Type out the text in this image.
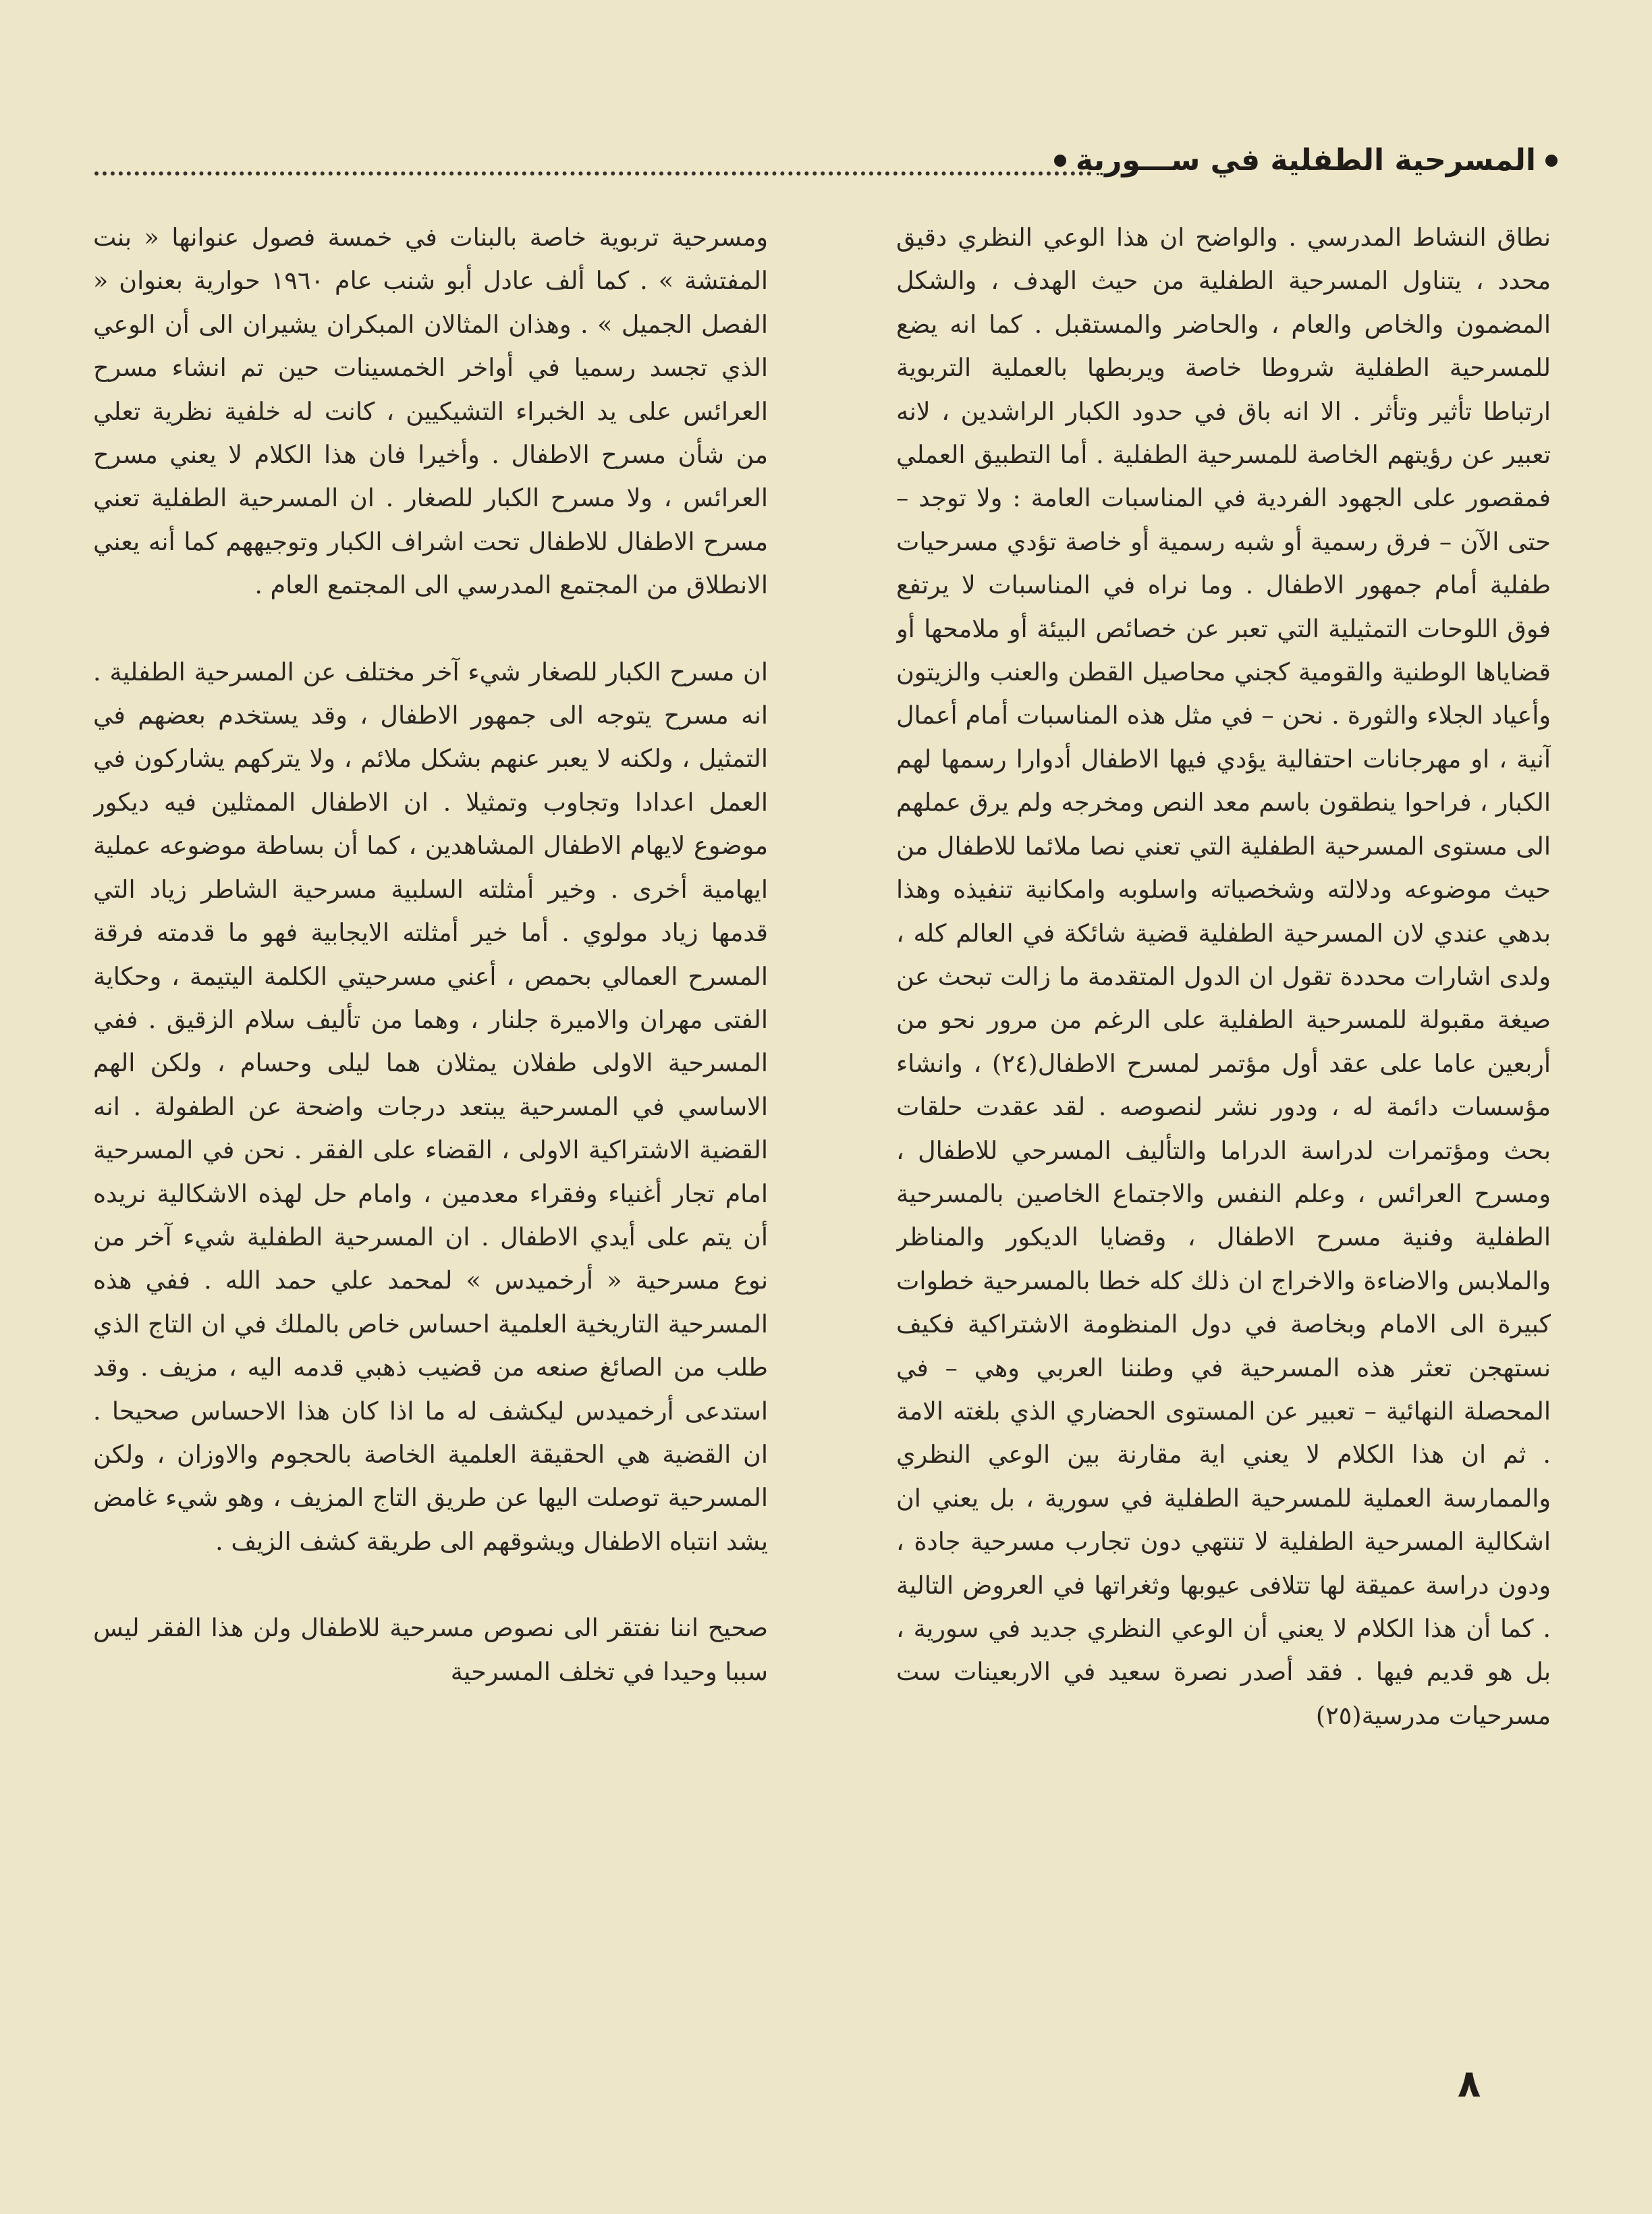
المسرحية الطفلية في ســـورية

نطاق النشاط المدرسي . والواضح ان هذا الوعي النظري دقيق محدد ، يتناول المسرحية الطفلية من حيث الهدف ، والشكل المضمون والخاص والعام ، والحاضر والمستقبل . كما انه يضع للمسرحية الطفلية شروطا خاصة ويربطها بالعملية التربوية ارتباطا تأثير وتأثر . الا انه باق في حدود الكبار الراشدين ، لانه تعبير عن رؤيتهم الخاصة للمسرحية الطفلية . أما التطبيق العملي فمقصور على الجهود الفردية في المناسبات العامة : ولا توجد – حتى الآن – فرق رسمية أو شبه رسمية أو خاصة تؤدي مسرحيات طفلية أمام جمهور الاطفال . وما نراه في المناسبات لا يرتفع فوق اللوحات التمثيلية التي تعبر عن خصائص البيئة أو ملامحها أو قضاياها الوطنية والقومية كجني محاصيل القطن والعنب والزيتون وأعياد الجلاء والثورة . نحن – في مثل هذه المناسبات أمام أعمال آنية ، او مهرجانات احتفالية يؤدي فيها الاطفال أدوارا رسمها لهم الكبار ، فراحوا ينطقون باسم معد النص ومخرجه ولم يرق عملهم الى مستوى المسرحية الطفلية التي تعني نصا ملائما للاطفال من حيث موضوعه ودلالته وشخصياته واسلوبه وامكانية تنفيذه وهذا بدهي عندي لان المسرحية الطفلية قضية شائكة في العالم كله ، ولدى اشارات محددة تقول ان الدول المتقدمة ما زالت تبحث عن صيغة مقبولة للمسرحية الطفلية على الرغم من مرور نحو من أربعين عاما على عقد أول مؤتمر لمسرح الاطفال(٢٤) ، وانشاء مؤسسات دائمة له ، ودور نشر لنصوصه . لقد عقدت حلقات بحث ومؤتمرات لدراسة الدراما والتأليف المسرحي للاطفال ، ومسرح العرائس ، وعلم النفس والاجتماع الخاصين بالمسرحية الطفلية وفنية مسرح الاطفال ، وقضايا الديكور والمناظر والملابس والاضاءة والاخراج ان ذلك كله خطا بالمسرحية خطوات كبيرة الى الامام وبخاصة في دول المنظومة الاشتراكية فكيف نستهجن تعثر هذه المسرحية في وطننا العربي وهي – في المحصلة النهائية – تعبير عن المستوى الحضاري الذي بلغته الامة . ثم ان هذا الكلام لا يعني اية مقارنة بين الوعي النظري والممارسة العملية للمسرحية الطفلية في سورية ، بل يعني ان اشكالية المسرحية الطفلية لا تنتهي دون تجارب مسرحية جادة ، ودون دراسة عميقة لها تتلافى عيوبها وثغراتها في العروض التالية . كما أن هذا الكلام لا يعني أن الوعي النظري جديد في سورية ، بل هو قديم فيها . فقد أصدر نصرة سعيد في الاربعينات ست مسرحيات مدرسية(٢٥)

ومسرحية تربوية خاصة بالبنات في خمسة فصول عنوانها « بنت المفتشة » . كما ألف عادل أبو شنب عام ١٩٦٠ حوارية بعنوان « الفصل الجميل » . وهذان المثالان المبكران يشيران الى أن الوعي الذي تجسد رسميا في أواخر الخمسينات حين تم انشاء مسرح العرائس على يد الخبراء التشيكيين ، كانت له خلفية نظرية تعلي من شأن مسرح الاطفال . وأخيرا فان هذا الكلام لا يعني مسرح العرائس ، ولا مسرح الكبار للصغار . ان المسرحية الطفلية تعني مسرح الاطفال للاطفال تحت اشراف الكبار وتوجيههم كما أنه يعني الانطلاق من المجتمع المدرسي الى المجتمع العام .

ان مسرح الكبار للصغار شيء آخر مختلف عن المسرحية الطفلية . انه مسرح يتوجه الى جمهور الاطفال ، وقد يستخدم بعضهم في التمثيل ، ولكنه لا يعبر عنهم بشكل ملائم ، ولا يتركهم يشاركون في العمل اعدادا وتجاوب وتمثيلا . ان الاطفال الممثلين فيه ديكور موضوع لايهام الاطفال المشاهدين ، كما أن بساطة موضوعه عملية ايهامية أخرى . وخير أمثلته السلبية مسرحية الشاطر زياد التي قدمها زياد مولوي . أما خير أمثلته الايجابية فهو ما قدمته فرقة المسرح العمالي بحمص ، أعني مسرحيتي الكلمة اليتيمة ، وحكاية الفتى مهران والاميرة جلنار ، وهما من تأليف سلام الزقيق . ففي المسرحية الاولى طفلان يمثلان هما ليلى وحسام ، ولكن الهم الاساسي في المسرحية يبتعد درجات واضحة عن الطفولة . انه القضية الاشتراكية الاولى ، القضاء على الفقر . نحن في المسرحية امام تجار أغنياء وفقراء معدمين ، وامام حل لهذه الاشكالية نريده أن يتم على أيدي الاطفال . ان المسرحية الطفلية شيء آخر من نوع مسرحية « أرخميدس » لمحمد علي حمد الله . ففي هذه المسرحية التاريخية العلمية احساس خاص بالملك في ان التاج الذي طلب من الصائغ صنعه من قضيب ذهبي قدمه اليه ، مزيف . وقد استدعى أرخميدس ليكشف له ما اذا كان هذا الاحساس صحيحا . ان القضية هي الحقيقة العلمية الخاصة بالحجوم والاوزان ، ولكن المسرحية توصلت اليها عن طريق التاج المزيف ، وهو شيء غامض يشد انتباه الاطفال ويشوقهم الى طريقة كشف الزيف .

صحيح اننا نفتقر الى نصوص مسرحية للاطفال ولن هذا الفقر ليس سببا وحيدا في تخلف المسرحية

٨
